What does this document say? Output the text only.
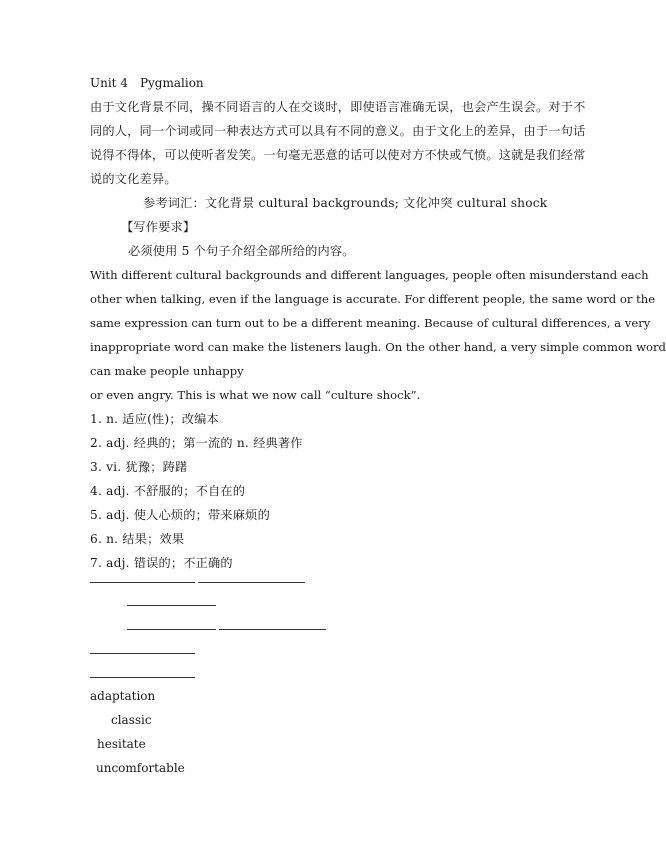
Unit 4 Pygmalion
由于文化背景不同，操不同语言的人在交谈时，即使语言准确无误，也会产生误会。对于不
同的人，同一个词或同一种表达方式可以具有不同的意义。由于文化上的差异，由于一句话
说得不得体，可以使听者发笑。一句毫无恶意的话可以使对方不快或气愤。这就是我们经常
说的文化差异。
参考词汇：文化背景 cultural backgrounds; 文化冲突 cultural shock
【写作要求】
必须使用 5 个句子介绍全部所给的内容。
With different cultural backgrounds and different languages, people often misunderstand each
other when talking, even if the language is accurate. For different people, the same word or the
same expression can turn out to be a different meaning. Because of cultural differences, a very
inappropriate word can make the listeners laugh. On the other hand, a very simple common word
can make people unhappy
or even angry. This is what we now call “culture shock”.
1. n. 适应(性)；改编本
2. adj. 经典的；第一流的 n. 经典著作
3. vi. 犹豫；踌躇
4. adj. 不舒服的；不自在的
5. adj. 使人心烦的；带来麻烦的
6. n. 结果；效果
7. adj. 错误的；不正确的
adaptation
classic
hesitate
uncomfortable
